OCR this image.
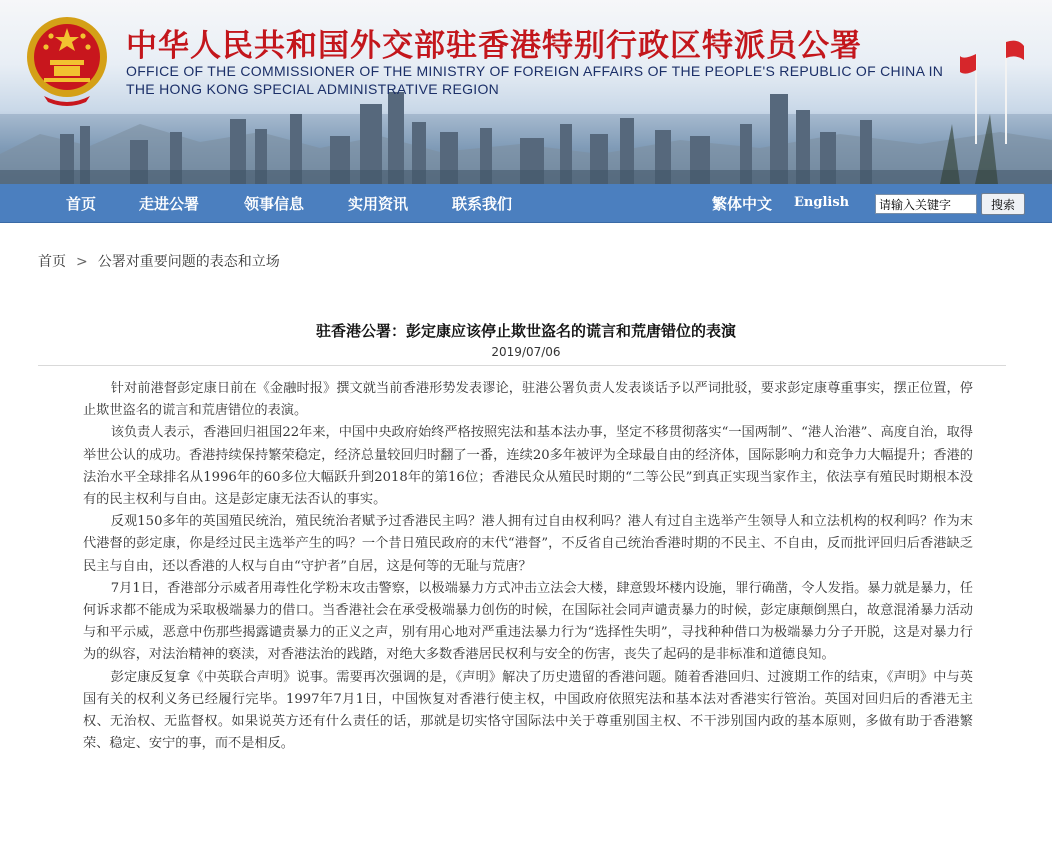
中华人民共和国外交部驻香港特别行政区特派员公署
OFFICE OF THE COMMISSIONER OF THE MINISTRY OF FOREIGN AFFAIRS OF THE PEOPLE'S REPUBLIC OF CHINA IN
THE HONG KONG SPECIAL ADMINISTRATIVE REGION
首页	走进公署	领事信息	实用资讯	联系我们	繁体中文 English
请输入关键字	搜索
首页 > 公署对重要问题的表态和立场
驻香港公署：彭定康应该停止欺世盗名的谎言和荒唐错位的表演
2019/07/06

针对前港督彭定康日前在《金融时报》撰文就当前香港形势发表谬论，驻港公署负责人发表谈话予以严词批驳，要求彭定康尊重事实，摆正位置，停止欺世盗名的谎言和荒唐错位的表演。

该负责人表示，香港回归祖国22年来，中国中央政府始终严格按照宪法和基本法办事，坚定不移贯彻落实“一国两制”、“港人治港”、高度自治，取得举世公认的成功。香港持续保持繁荣稳定，经济总量较回归时翻了一番，连续20多年被评为全球最自由的经济体，国际影响力和竞争力大幅提升；香港的法治水平全球排名从1996年的60多位大幅跃升到2018年的第16位；香港民众从殖民时期的“二等公民”到真正实现当家作主，依法享有殖民时期根本没有的民主权利与自由。这是彭定康无法否认的事实。

反观150多年的英国殖民统治，殖民统治者赋予过香港民主吗？港人拥有过自由权利吗？港人有过自主选举产生领导人和立法机构的权利吗？作为末代港督的彭定康，你是经过民主选举产生的吗？一个昔日殖民政府的末代“港督”，不反省自己统治香港时期的不民主、不自由，反而批评回归后香港缺乏民主与自由，还以香港的人权与自由“守护者”自居，这是何等的无耻与荒唐？

7月1日，香港部分示威者用毒性化学粉末攻击警察，以极端暴力方式冲击立法会大楼，肆意毁坏楼内设施，罪行确凿，令人发指。暴力就是暴力，任何诉求都不能成为采取极端暴力的借口。当香港社会在承受极端暴力创伤的时候，在国际社会同声谴责暴力的时候，彭定康颠倒黑白，故意混淆暴力活动与和平示威，恶意中伤那些揭露谴责暴力的正义之声，别有用心地对严重违法暴力行为“选择性失明”，寻找种种借口为极端暴力分子开脱，这是对暴力行为的纵容，对法治精神的亵渎，对香港法治的践踏，对绝大多数香港居民权利与安全的伤害，丧失了起码的是非标准和道德良知。

彭定康反复拿《中英联合声明》说事。需要再次强调的是，《声明》解决了历史遗留的香港问题。随着香港回归、过渡期工作的结束，《声明》中与英国有关的权利义务已经履行完毕。1997年7月1日，中国恢复对香港行使主权，中国政府依照宪法和基本法对香港实行管治。英国对回归后的香港无主权、无治权、无监督权。如果说英方还有什么责任的话，那就是切实恪守国际法中关于尊重别国主权、不干涉别国内政的基本原则，多做有助于香港繁荣、稳定、安宁的事，而不是相反。
